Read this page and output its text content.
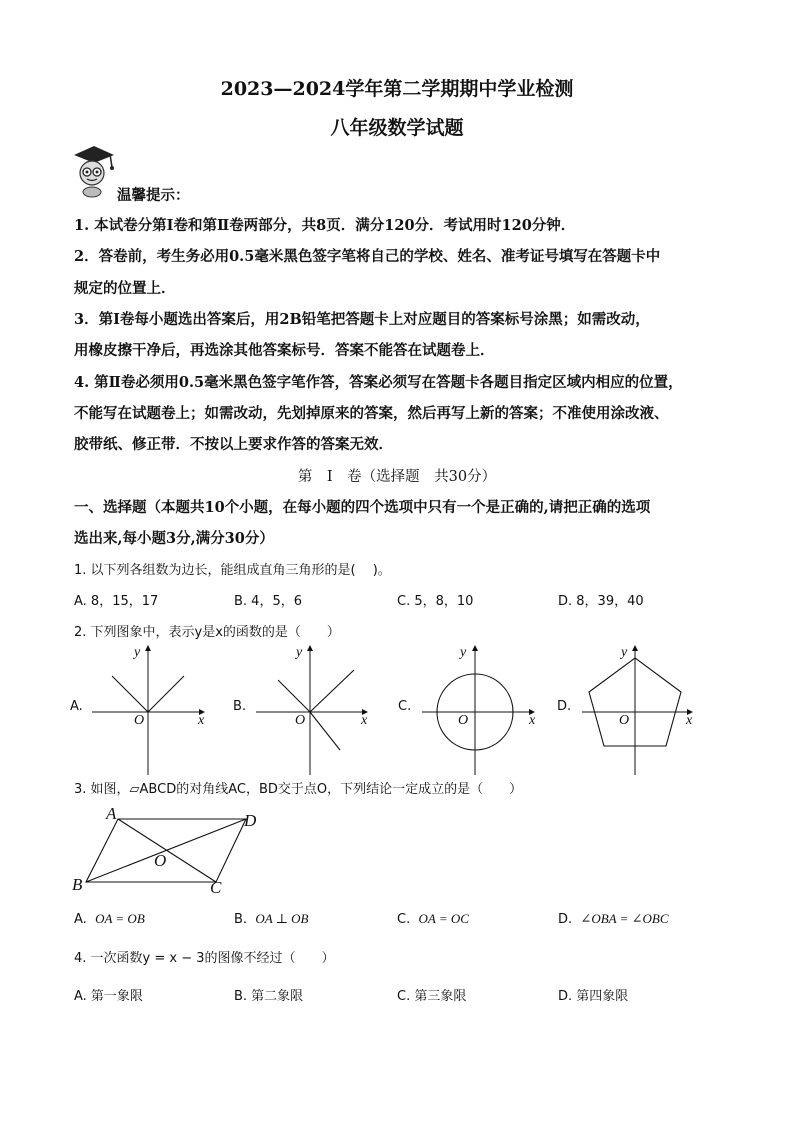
2023—2024学年第二学期期中学业检测
八年级数学试题
温馨提示：
1. 本试卷分第Ⅰ卷和第Ⅱ卷两部分，共8页．满分120分．考试用时120分钟．
2．答卷前，考生务必用0.5毫米黑色签字笔将自己的学校、姓名、准考证号填写在答题卡中
规定的位置上．
3．第Ⅰ卷每小题选出答案后，用2B铅笔把答题卡上对应题目的答案标号涂黑；如需改动，
用橡皮擦干净后，再选涂其他答案标号．答案不能答在试题卷上．
4. 第Ⅱ卷必须用0.5毫米黑色签字笔作答，答案必须写在答题卡各题目指定区域内相应的位置，
不能写在试题卷上；如需改动，先划掉原来的答案，然后再写上新的答案；不准使用涂改液、
胶带纸、修正带．不按以上要求作答的答案无效．
第　Ⅰ　卷（选择题　共30分）
一、选择题（本题共10个小题，在每小题的四个选项中只有一个是正确的,请把正确的选项
选出来,每小题3分,满分30分）
1. 以下列各组数为边长，能组成直角三角形的是(　 )。
A. 8，15，17	B. 4，5，6	C. 5，8，10	D. 8，39，40
2. 下列图象中，表示y是x的函数的是（　　）
A.
y
x
O
B.
y
x
O
C.
y
x
O
D.
y
x
O
3. 如图，▱ABCD的对角线AC，BD交于点O，下列结论一定成立的是（　　）
A	D
B	C
O
A. OA = OB	B. OA ⊥ OB	C. OA = OC	D. ∠OBA = ∠OBC
4. 一次函数y = x − 3的图像不经过（　　）
A. 第一象限	B. 第二象限	C. 第三象限	D. 第四象限
